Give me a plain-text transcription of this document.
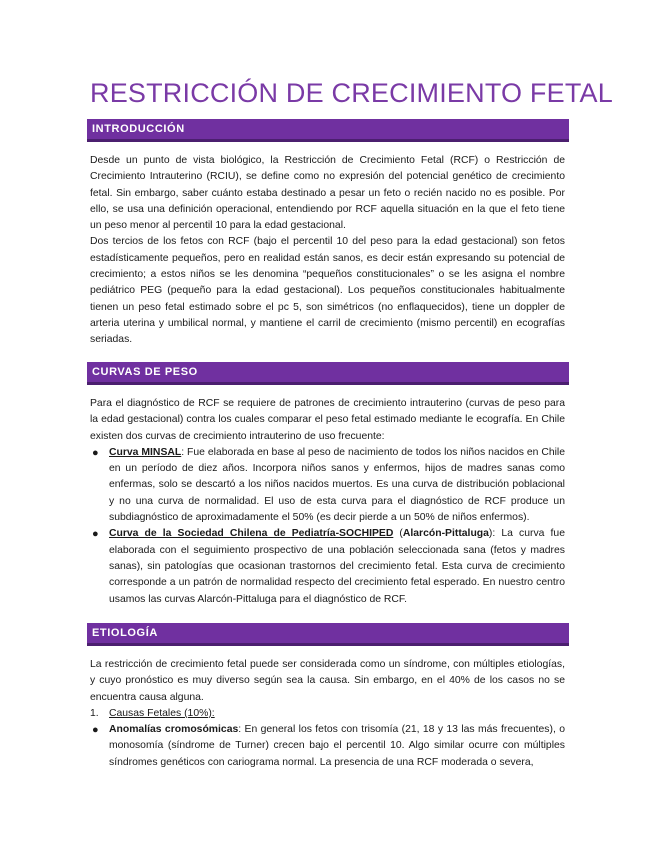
RESTRICCIÓN DE CRECIMIENTO FETAL
INTRODUCCIÓN

Desde un punto de vista biológico, la Restricción de Crecimiento Fetal (RCF) o Restricción de Crecimiento Intrauterino (RCIU), se define como no expresión del potencial genético de crecimiento fetal. Sin embargo, saber cuánto estaba destinado a pesar un feto o recién nacido no es posible. Por ello, se usa una definición operacional, entendiendo por RCF aquella situación en la que el feto tiene un peso menor al percentil 10 para la edad gestacional.

Dos tercios de los fetos con RCF (bajo el percentil 10 del peso para la edad gestacional) son fetos estadísticamente pequeños, pero en realidad están sanos, es decir están expresando su potencial de crecimiento; a estos niños se les denomina “pequeños constitucionales” o se les asigna el nombre pediátrico PEG (pequeño para la edad gestacional). Los pequeños constitucionales habitualmente tienen un peso fetal estimado sobre el pc 5, son simétricos (no enflaquecidos), tiene un doppler de arteria uterina y umbilical normal, y mantiene el carril de crecimiento (mismo percentil) en ecografías seriadas.

CURVAS DE PESO

Para el diagnóstico de RCF se requiere de patrones de crecimiento intrauterino (curvas de peso para la edad gestacional) contra los cuales comparar el peso fetal estimado mediante le ecografía. En Chile existen dos curvas de crecimiento intrauterino de uso frecuente:

● Curva MINSAL: Fue elaborada en base al peso de nacimiento de todos los niños nacidos en Chile en un período de diez años. Incorpora niños sanos y enfermos, hijos de madres sanas como enfermas, solo se descartó a los niños nacidos muertos. Es una curva de distribución poblacional y no una curva de normalidad. El uso de esta curva para el diagnóstico de RCF produce un subdiagnóstico de aproximadamente el 50% (es decir pierde a un 50% de niños enfermos).
● Curva de la Sociedad Chilena de Pediatría-SOCHIPED (Alarcón-Pittaluga): La curva fue elaborada con el seguimiento prospectivo de una población seleccionada sana (fetos y madres sanas), sin patologías que ocasionan trastornos del crecimiento fetal. Esta curva de crecimiento corresponde a un patrón de normalidad respecto del crecimiento fetal esperado. En nuestro centro usamos las curvas Alarcón-Pittaluga para el diagnóstico de RCF.
ETIOLOGÍA

La restricción de crecimiento fetal puede ser considerada como un síndrome, con múltiples etiologías, y cuyo pronóstico es muy diverso según sea la causa. Sin embargo, en el 40% de los casos no se encuentra causa alguna.

1. Causas Fetales (10%):
● Anomalías cromosómicas: En general los fetos con trisomía (21, 18 y 13 las más frecuentes), o monosomía (síndrome de Turner) crecen bajo el percentil 10. Algo similar ocurre con múltiples síndromes genéticos con cariograma normal. La presencia de una RCF moderada o severa,
